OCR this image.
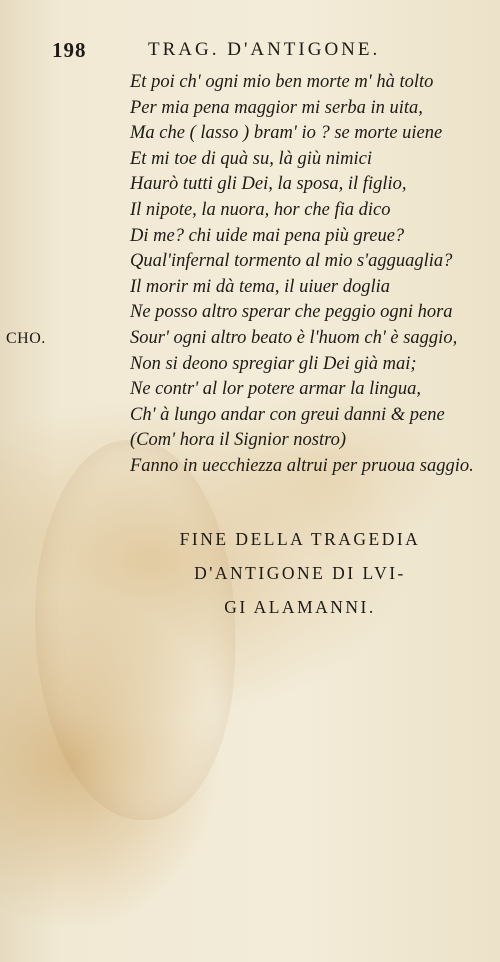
198	TRAG. D'ANTIGONE.
Et poi ch' ogni mio ben morte m' hà tolto
Per mia pena maggior mi serba in uita,
Ma che ( lasso ) bram' io ? se morte uiene
Et mi toe di quà su, là giù nimici
Haurò tutti gli Dei, la sposa, il figlio,
Il nipote, la nuora, hor che fia dico
Di me? chi uide mai pena più greue?
Qual'infernal tormento al mio s'agguaglia?
Il morir mi dà tema, il uiuer doglia
Ne posso altro sperar che peggio ogni hora
CHO.	Sour' ogni altro beato è l'huom ch' è saggio,
Non si deono spregiar gli Dei già mai;
Ne contr' al lor potere armar la lingua,
Ch' à lungo andar con greui danni & pene
(Com' hora il Signior nostro)
Fanno in uecchiezza altrui per pruoua saggio.
FINE DELLA TRAGEDIA
D'ANTIGONE DI LVI-
GI ALAMANNI.
